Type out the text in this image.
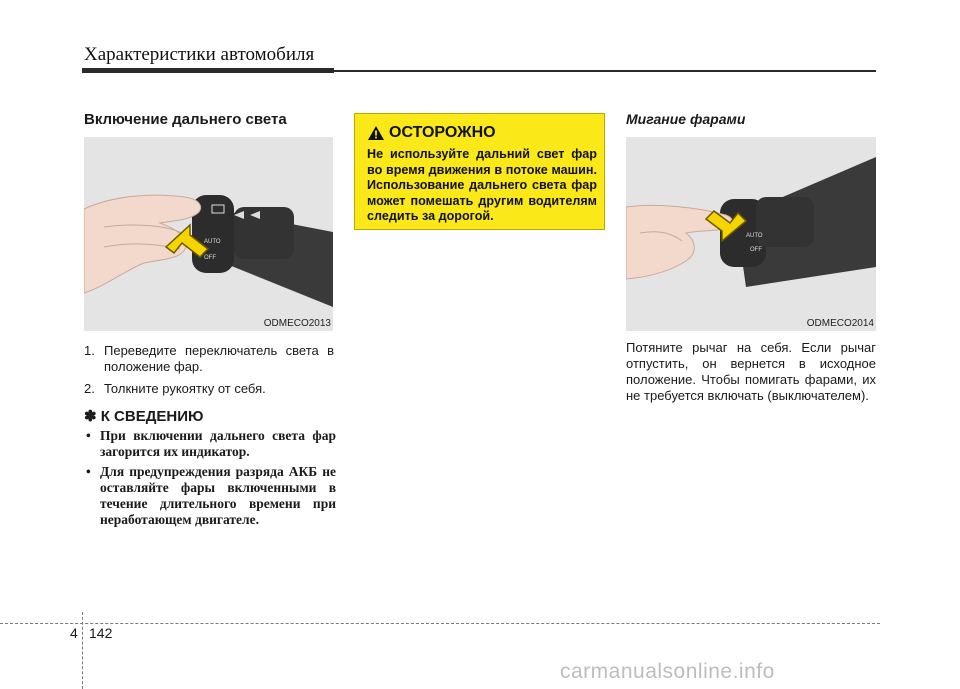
Характеристики автомобиля
Включение дальнего света
AUTO
OFF
ODMECO2013
1. Переведите переключатель света в положение фар.
2. Толкните рукоятку от себя.
✽ К СВЕДЕНИЮ
• При включении дальнего света фар загорится их индикатор.
• Для предупреждения разряда АКБ не оставляйте фары включенными в течение длительного времени при неработающем двигателе.
ОСТОРОЖНО
Не используйте дальний свет фар во время движения в потоке машин. Использование дальнего света фар может помешать другим водителям следить за дорогой.
Мигание фарами
AUTO
OFF
ODMECO2014
Потяните рычаг на себя. Если рычаг отпустить, он вернется в исходное положение. Чтобы помигать фарами, их не требуется включать (выключателем).
4 142
carmanualsonline.info
